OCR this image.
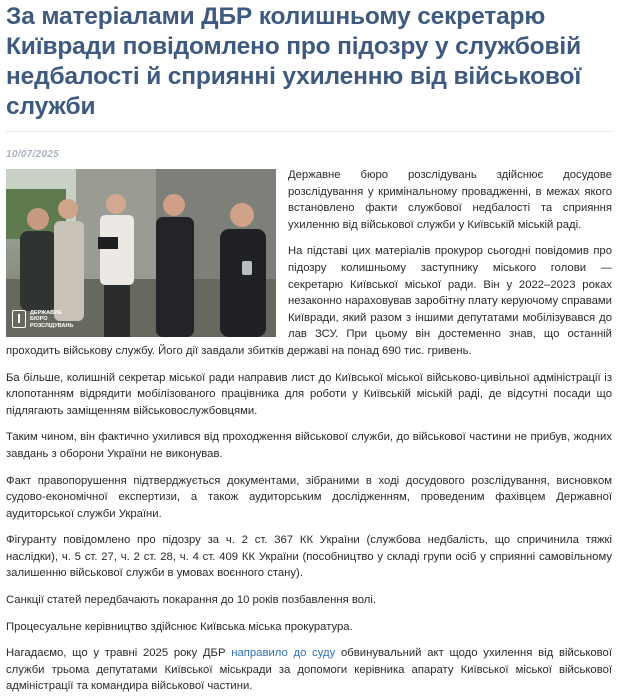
За матеріалами ДБР колишньому секретарю Київради повідомлено про підозру у службовій недбалості й сприянні ухиленню від військової служби
10/07/2025
ДЕРЖАВНЕ БЮРО РОЗСЛІДУВАНЬ

Державне бюро розслідувань здійснює досудове розслідування у кримінальному провадженні, в межах якого встановлено факти службової недбалості та сприяння ухиленню від військової служби у Київській міській раді.

На підставі цих матеріалів прокурор сьогодні повідомив про підозру колишньому заступнику міського голови — секретарю Київської міської ради. Він у 2022–2023 роках незаконно нараховував заробітну плату керуючому справами Київради, який разом з іншими депутатами мобілізувався до лав ЗСУ. При цьому він достеменно знав, що останній проходить військову службу. Його дії завдали збитків державі на понад 690 тис. гривень.

Ба більше, колишній секретар міської ради направив лист до Київської міської військово-цивільної адміністрації із клопотанням відрядити мобілізованого працівника для роботи у Київській міській раді, де відсутні посади що підлягають заміщенням військовослужбовцями.

Таким чином, він фактично ухилився від проходження військової служби, до військової частини не прибув, жодних завдань з оборони України не виконував.

Факт правопорушення підтверджується документами, зібраними в ході досудового розслідування, висновком судово-економічної експертизи, а також аудиторським дослідженням, проведеним фахівцем Державної аудиторської служби України.

Фігуранту повідомлено про підозру за ч. 2 ст. 367 КК України (службова недбалість, що спричинила тяжкі наслідки), ч. 5 ст. 27, ч. 2 ст. 28, ч. 4 ст. 409 КК України (пособництво у складі групи осіб у сприянні самовільному залишенню військової служби в умовах воєнного стану).

Санкції статей передбачають покарання до 10 років позбавлення волі.

Процесуальне керівництво здійснює Київська міська прокуратура.

Нагадаємо, що у травні 2025 року ДБР направило до суду обвинувальний акт щодо ухилення від військової служби трьома депутатами Київської міськради за допомоги керівника апарату Київської міської військової адміністрації та командира військової частини.
